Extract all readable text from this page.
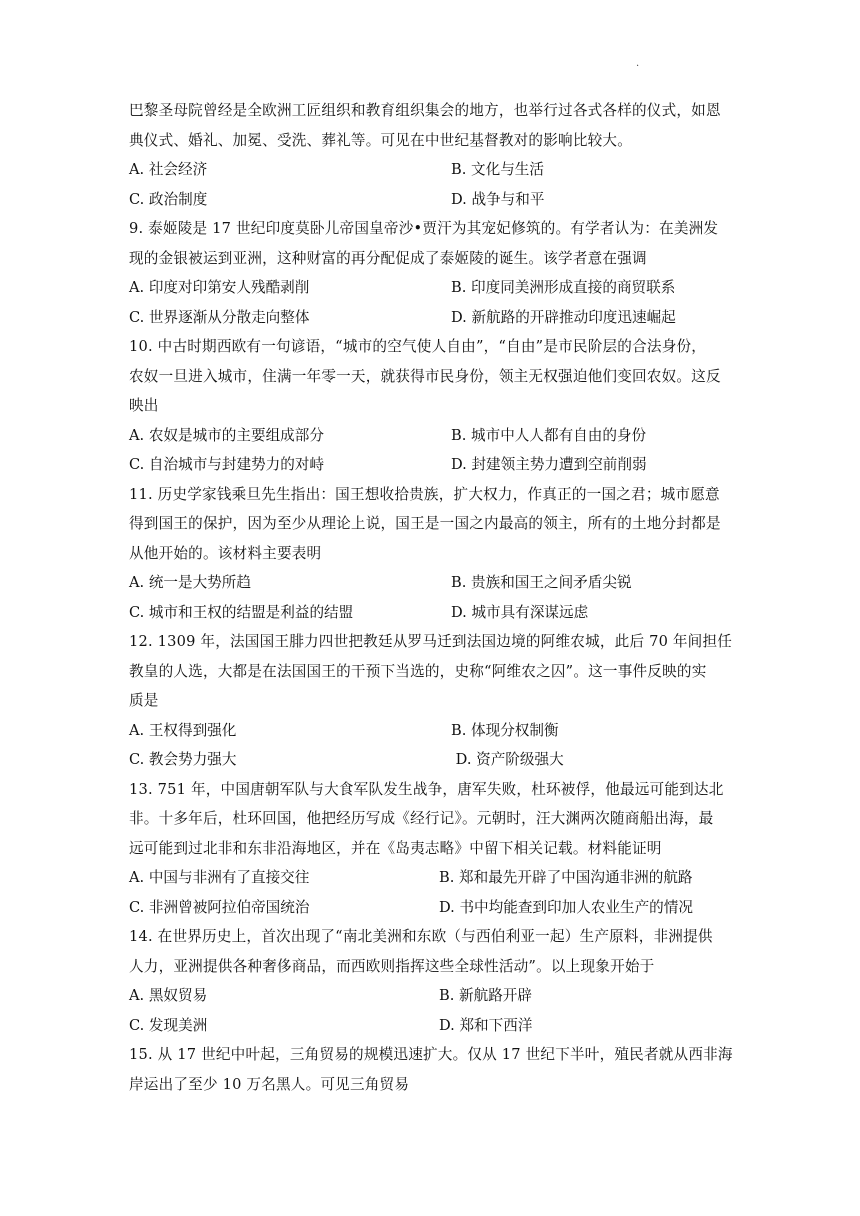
.
巴黎圣母院曾经是全欧洲工匠组织和教育组织集会的地方，也举行过各式各样的仪式，如恩
典仪式、婚礼、加冕、受洗、葬礼等。可见在中世纪基督教对的影响比较大。
A. 社会经济	B. 文化与生活
C. 政治制度	D. 战争与和平
9. 泰姬陵是 17 世纪印度莫卧儿帝国皇帝沙•贾汗为其宠妃修筑的。有学者认为：在美洲发
现的金银被运到亚洲，这种财富的再分配促成了泰姬陵的诞生。该学者意在强调
A. 印度对印第安人残酷剥削	B. 印度同美洲形成直接的商贸联系
C. 世界逐渐从分散走向整体	D. 新航路的开辟推动印度迅速崛起
10. 中古时期西欧有一句谚语，“城市的空气使人自由”，“自由”是市民阶层的合法身份，
农奴一旦进入城市，住满一年零一天，就获得市民身份，领主无权强迫他们变回农奴。这反
映出
A. 农奴是城市的主要组成部分	B. 城市中人人都有自由的身份
C. 自治城市与封建势力的对峙	D. 封建领主势力遭到空前削弱
11. 历史学家钱乘旦先生指出：国王想收拾贵族，扩大权力，作真正的一国之君；城市愿意
得到国王的保护，因为至少从理论上说，国王是一国之内最高的领主，所有的土地分封都是
从他开始的。该材料主要表明
A. 统一是大势所趋	B. 贵族和国王之间矛盾尖锐
C. 城市和王权的结盟是利益的结盟	D. 城市具有深谋远虑
12. 1309 年，法国国王腓力四世把教廷从罗马迁到法国边境的阿维农城，此后 70 年间担任
教皇的人选，大都是在法国国王的干预下当选的，史称“阿维农之囚”。这一事件反映的实
质是
A. 王权得到强化	B. 体现分权制衡
C. 教会势力强大	D. 资产阶级强大
13. 751 年，中国唐朝军队与大食军队发生战争，唐军失败，杜环被俘，他最远可能到达北
非。十多年后，杜环回国，他把经历写成《经行记》。元朝时，汪大渊两次随商船出海，最
远可能到过北非和东非沿海地区，并在《岛夷志略》中留下相关记载。材料能证明
A. 中国与非洲有了直接交往	B. 郑和最先开辟了中国沟通非洲的航路
C. 非洲曾被阿拉伯帝国统治	D. 书中均能查到印加人农业生产的情况
14. 在世界历史上，首次出现了“南北美洲和东欧（与西伯利亚一起）生产原料，非洲提供
人力，亚洲提供各种奢侈商品，而西欧则指挥这些全球性活动”。以上现象开始于
A. 黑奴贸易	B. 新航路开辟
C. 发现美洲	D. 郑和下西洋
15. 从 17 世纪中叶起，三角贸易的规模迅速扩大。仅从 17 世纪下半叶，殖民者就从西非海
岸运出了至少 10 万名黑人。可见三角贸易
